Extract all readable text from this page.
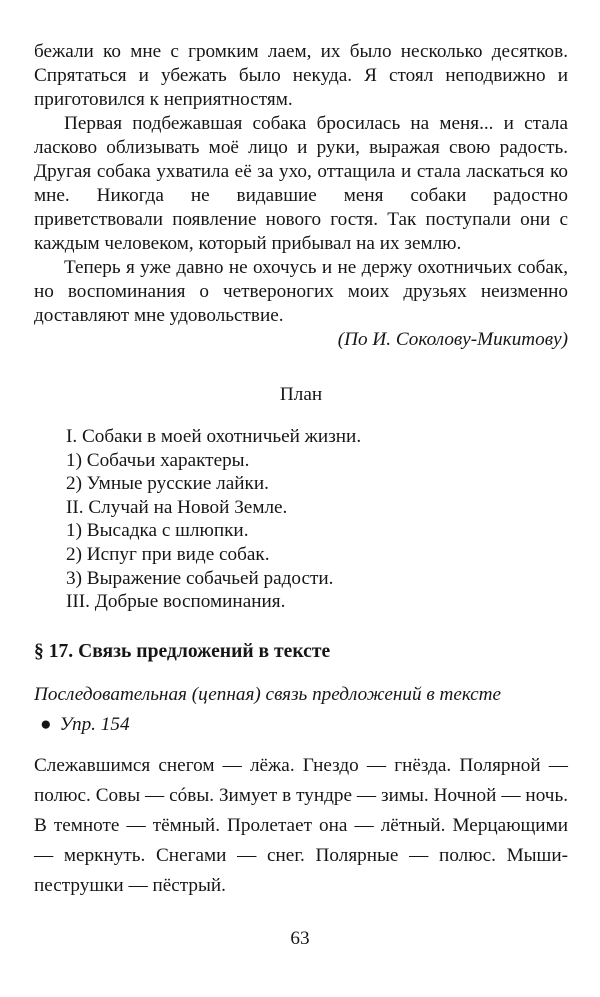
бежали ко мне с громким лаем, их было несколько десятков. Спрятаться и убежать было некуда. Я стоял неподвижно и приготовился к неприятностям.

Первая подбежавшая собака бросилась на меня... и стала ласково облизывать моё лицо и руки, выражая свою радость. Другая собака ухватила её за ухо, оттащила и стала ласкаться ко мне. Никогда не видавшие меня собаки радостно приветствовали появление нового гостя. Так поступали они с каждым человеком, который прибывал на их землю.

Теперь я уже давно не охочусь и не держу охотничьих собак, но воспоминания о четвероногих моих друзьях неизменно доставляют мне удовольствие.

(По И. Соколову-Микитову)

План
I. Собаки в моей охотничьей жизни.
1) Собачьи характеры.
2) Умные русские лайки.
II. Случай на Новой Земле.
1) Высадка с шлюпки.
2) Испуг при виде собак.
3) Выражение собачьей радости.
III. Добрые воспоминания.
§ 17. Связь предложений в тексте
Последовательная (цепная) связь предложений в тексте
● Упр. 154

Слежавшимся снегом — лёжа. Гнездо — гнёзда. Полярной — полюс. Совы — сóвы. Зимует в тундре — зимы. Ночной — ночь. В темноте — тёмный. Пролетает она — лётный. Мерцающими — меркнуть. Снегами — снег. Полярные — полюс. Мыши-пеструшки — пёстрый.

63
